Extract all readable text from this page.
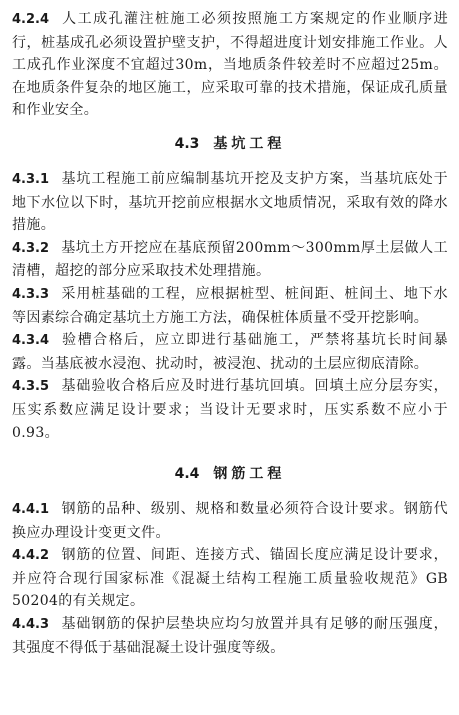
4.2.4 人工成孔灌注桩施工必须按照施工方案规定的作业顺序进行，桩基成孔必须设置护壁支护，不得超进度计划安排施工作业。人工成孔作业深度不宜超过30m，当地质条件较差时不应超过25m。在地质条件复杂的地区施工，应采取可靠的技术措施，保证成孔质量和作业安全。

4.3 基坑工程

4.3.1 基坑工程施工前应编制基坑开挖及支护方案，当基坑底处于地下水位以下时，基坑开挖前应根据水文地质情况，采取有效的降水措施。

4.3.2 基坑土方开挖应在基底预留200mm～300mm厚土层做人工清槽，超挖的部分应采取技术处理措施。

4.3.3 采用桩基础的工程，应根据桩型、桩间距、桩间土、地下水等因素综合确定基坑土方施工方法，确保桩体质量不受开挖影响。

4.3.4 验槽合格后，应立即进行基础施工，严禁将基坑长时间暴露。当基底被水浸泡、扰动时，被浸泡、扰动的土层应彻底清除。

4.3.5 基础验收合格后应及时进行基坑回填。回填土应分层夯实，压实系数应满足设计要求；当设计无要求时，压实系数不应小于0.93。

4.4 钢筋工程

4.4.1 钢筋的品种、级别、规格和数量必须符合设计要求。钢筋代换应办理设计变更文件。

4.4.2 钢筋的位置、间距、连接方式、锚固长度应满足设计要求，并应符合现行国家标准《混凝土结构工程施工质量验收规范》GB 50204的有关规定。

4.4.3 基础钢筋的保护层垫块应均匀放置并具有足够的耐压强度，其强度不得低于基础混凝土设计强度等级。
